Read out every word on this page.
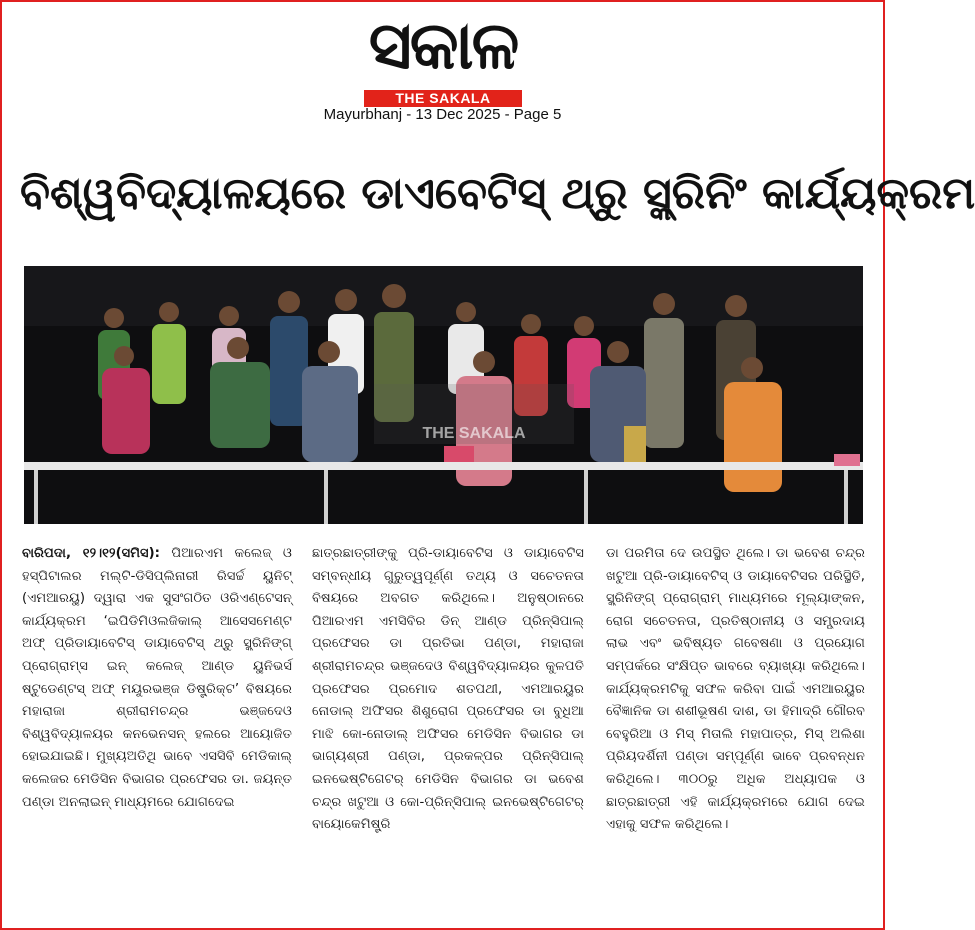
ସକାଳ
THE SAKALA
Mayurbhanj - 13 Dec 2025 - Page 5
ବିଶ୍ୱବିଦ୍ୟାଳୟରେ ଡାଏବେଟିସ୍ ଥ୍ରୁ ସ୍କ୍ରିନିଂ କାର୍ଯ୍ୟକ୍ରମ
THE SAKALA
ବାରିପଦା, ୧୨।୧୨(ସମିସ): ପିଆରଏମ କଲେଜ୍ ଓ ହସ୍ପିଟାଲର ମଲ୍ଟି-ଡିସିପ୍ଲିନାରୀ ରିସର୍ଚ୍ଚ ୟୁନିଟ୍ (ଏମଆରୟୁ) ଦ୍ୱାରା ଏକ ସୁସଂଗଠିତ ଓରିଏଣ୍ଟେସନ୍ କାର୍ଯ୍ୟକ୍ରମ ‘ଇପିଡିମିଓଲଜିକାଲ୍ ଆସେସମେଣ୍ଟ ଅଫ୍ ପ୍ରିଡାୟାବେଟିସ୍ ଡାୟାବେଟିସ୍ ଥ୍ରୁ ସ୍କ୍ରିନିଙ୍ଗ୍ ପ୍ରୋଗ୍ରାମ୍ସ ଇନ୍ କଲେଜ୍ ଆଣ୍ଡ ୟୁନିଭର୍ସ ଷ୍ଟୁଡେଣ୍ଟସ୍ ଅଫ୍ ମୟୂରଭଞ୍ଜ ଡିଷ୍ଟ୍ରିକ୍ଟ’ ବିଷୟରେ ମହାରାଜା ଶ୍ରୀରାମଚନ୍ଦ୍ର ଭଞ୍ଜଦେଓ ବିଶ୍ୱବିଦ୍ୟାଳୟର କନଭେନସନ୍ ହଲରେ ଆୟୋଜିତ ହୋଇଯାଇଛି। ମୁଖ୍ୟଅତିଥି ଭାବେ ଏସସିବି ମେଡିକାଲ୍ କଲେଜର ମେଡିସିନ ବିଭାଗର ପ୍ରଫେସର ଡା. ଜୟନ୍ତ ପଣ୍ଡା ଅନଲାଇନ୍ ମାଧ୍ୟମରେ ଯୋଗଦେଇ
ଛାତ୍ରଛାତ୍ରୀଙ୍କୁ ପ୍ରି-ଡାୟାବେଟିସ ଓ ଡାୟାବେଟିସ ସମ୍ବନ୍ଧୀୟ ଗୁରୁତ୍ୱପୂର୍ଣ୍ଣ ତଥ୍ୟ ଓ ସଚେତନତା ବିଷୟରେ ଅବଗତ କରିଥିଲେ। ଅନୁଷ୍ଠାନରେ ପିଆରଏମ ଏମସିବିର ଡିନ୍ ଆଣ୍ଡ ପ୍ରିନ୍ସିପାଲ୍ ପ୍ରଫେସର ଡା ପ୍ରତିଭା ପଣ୍ଡା, ମହାରାଜା ଶ୍ରୀରାମଚନ୍ଦ୍ର ଭଞ୍ଜଦେଓ ବିଶ୍ୱବିଦ୍ୟାଳୟର କୁଳପତି ପ୍ରଫେସର ପ୍ରମୋଦ ଶତପଥୀ, ଏମଆରୟୁର ନୋଡାଲ୍ ଅଫିସର ଶିଶୁରୋଗ ପ୍ରଫେସର ଡା ବୁଧିଆ ମାଝି କୋ-ନୋଡାଲ୍ ଅଫିସର ମେଡିସିନ ବିଭାଗର ଡା ଭାଗ୍ୟଶ୍ରୀ ପଣ୍ଡା, ପ୍ରକଳ୍ପର ପ୍ରିନ୍ସିପାଲ୍ ଇନଭେଷ୍ଟିଗେଟର୍ ମେଡିସିନ ବିଭାଗର ଡା ଭବେଶ ଚନ୍ଦ୍ର ଖଟୁଆ ଓ କୋ-ପ୍ରିନ୍ସିପାଲ୍ ଇନଭେଷ୍ଟିଗେଟର୍ ବାୟୋକେମିଷ୍ଟ୍ରି
ଡା ପରମିତା ଦେ ଉପସ୍ଥିତ ଥିଲେ। ଡା ଭବେଶ ଚନ୍ଦ୍ର ଖଟୁଆ ପ୍ରି-ଡାୟାବେଟିସ୍ ଓ ଡାୟାବେଟିସର ପରିସ୍ଥିତି, ସ୍କ୍ରିନିଙ୍ଗ୍ ପ୍ରୋଗ୍ରାମ୍ ମାଧ୍ୟମରେ ମୂଲ୍ୟାଙ୍କନ, ରୋଗ ସଚେତନତା, ପ୍ରତିଷ୍ଠାନୀୟ ଓ ସମ୍ପ୍ରଦାୟ ଲାଭ ଏବଂ ଭବିଷ୍ୟତ ଗବେଷଣା ଓ ପ୍ରୟୋଗ ସମ୍ପର୍କରେ ସଂକ୍ଷିପ୍ତ ଭାବରେ ବ୍ୟାଖ୍ୟା କରିଥିଲେ। କାର୍ଯ୍ୟକ୍ରମଟିକୁ ସଫଳ କରିବା ପାଇଁ ଏମଆରୟୁର ବୈଜ୍ଞାନିକ ଡା ଶଶୀଭୂଷଣ ଦାଶ, ଡା ହିମାଦ୍ରି ଗୌରବ ବେହୁରିଆ ଓ ମିସ୍ ମିତାଲି ମହାପାତ୍ର, ମିସ୍ ଅଲିଶା ପ୍ରିୟଦର୍ଶିନୀ ପଣ୍ଡା ସମ୍ପୂର୍ଣ୍ଣ ଭାବେ ପ୍ରବନ୍ଧନ କରିଥିଲେ। ୩୦୦ରୁ ଅଧିକ ଅଧ୍ୟାପକ ଓ ଛାତ୍ରଛାତ୍ରୀ ଏହି କାର୍ଯ୍ୟକ୍ରମରେ ଯୋଗ ଦେଇ ଏହାକୁ ସଫଳ କରିଥିଲେ।
